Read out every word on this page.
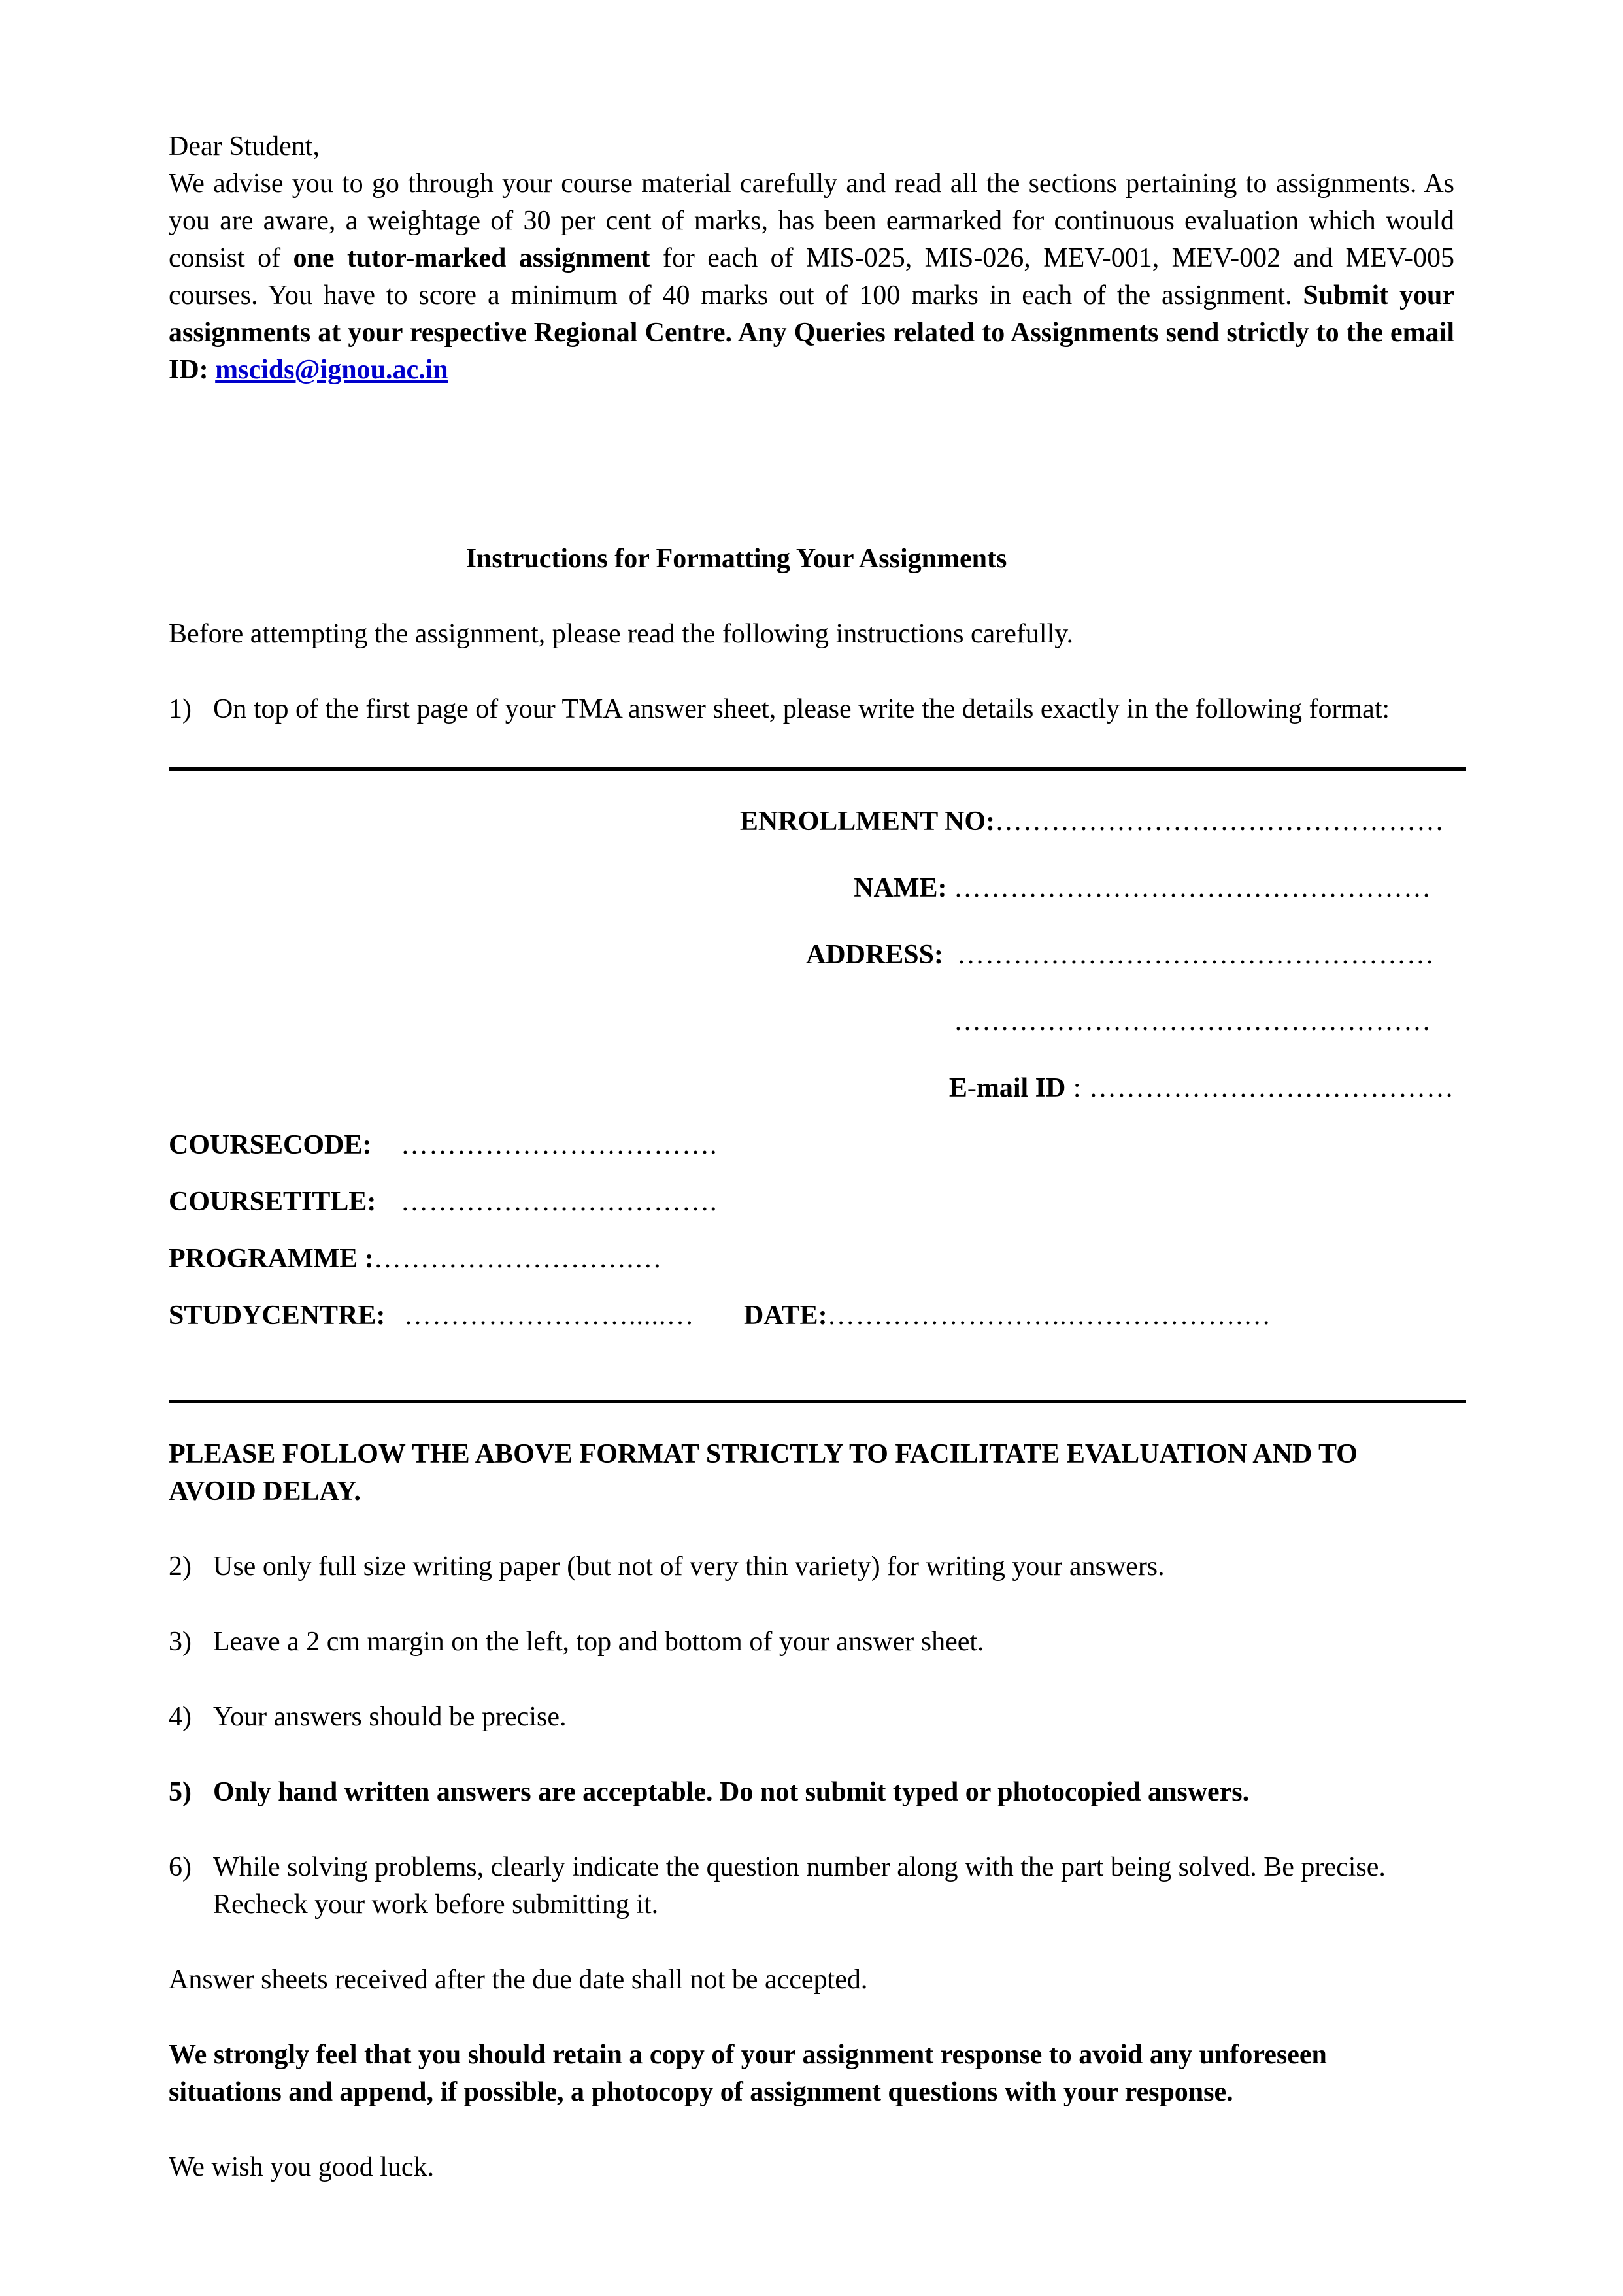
Dear Student,

We advise you to go through your course material carefully and read all the sections pertaining to assignments. As you are aware, a weightage of 30 per cent of marks, has been earmarked for continuous evaluation which would consist of one tutor-marked assignment for each of MIS-025, MIS-026, MEV-001, MEV-002 and MEV-005 courses. You have to score a minimum of 40 marks out of 100 marks in each of the assignment. Submit your assignments at your respective Regional Centre. Any Queries related to Assignments send strictly to the email ID: mscids@ignou.ac.in

Instructions for Formatting Your Assignments

Before attempting the assignment, please read the following instructions carefully.

1) On top of the first page of your TMA answer sheet, please write the details exactly in the following format:
ENROLLMENT NO:…………………………………………
NAME: ……………………………………………
ADDRESS: ……………………………………………
……………………………………………
E-mail ID : …………………………………
COURSECODE: …………………………….
COURSETITLE: …………………………….
PROGRAMME : ……………………….…
STUDYCENTRE: …………………….....… DATE: ……………………..……………….…

PLEASE FOLLOW THE ABOVE FORMAT STRICTLY TO FACILITATE EVALUATION AND TO AVOID DELAY.

2) Use only full size writing paper (but not of very thin variety) for writing your answers.
3) Leave a 2 cm margin on the left, top and bottom of your answer sheet.
4) Your answers should be precise.
5) Only hand written answers are acceptable. Do not submit typed or photocopied answers.
6) While solving problems, clearly indicate the question number along with the part being solved. Be precise. Recheck your work before submitting it.

Answer sheets received after the due date shall not be accepted.

We strongly feel that you should retain a copy of your assignment response to avoid any unforeseen situations and append, if possible, a photocopy of assignment questions with your response.

We wish you good luck.
